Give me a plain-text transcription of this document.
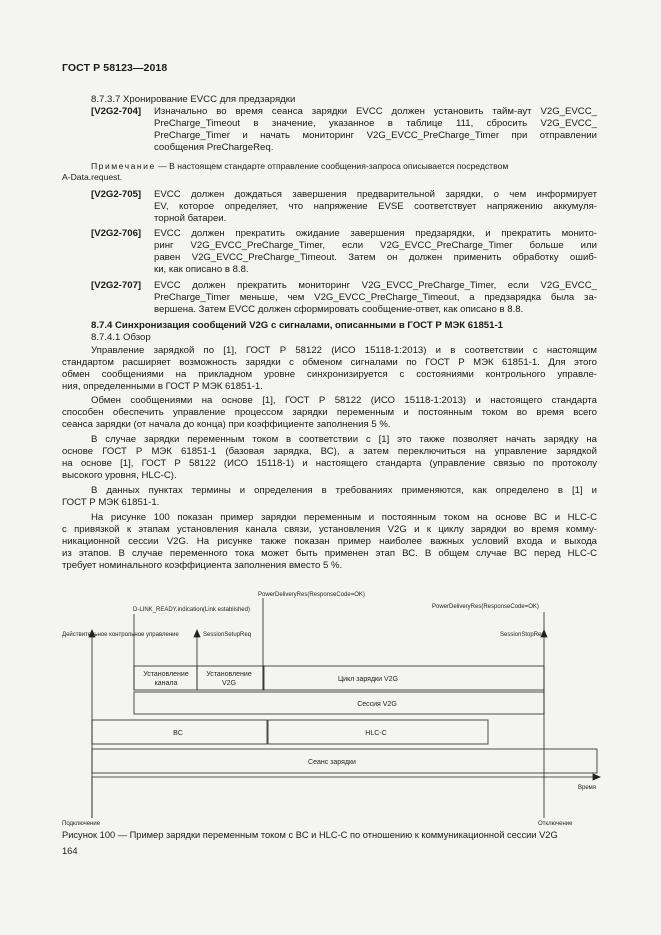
ГОСТ Р 58123—2018
8.7.3.7 Хронирование EVCC для предзарядки
[V2G2-704] Изначально во время сеанса зарядки EVCC должен установить тайм-аут V2G_EVCC_
PreCharge_Timeout в значение, указанное в таблице 111, сбросить V2G_EVCC_
PreCharge_Timer и начать мониторинг V2G_EVCC_PreCharge_Timer при отправлении
сообщения PreChargeReq.
Примечание — В настоящем стандарте отправление сообщения-запроса описывается посредством
A-Data.request.
[V2G2-705] EVCC должен дождаться завершения предварительной зарядки, о чем информирует
EV, которое определяет, что напряжение EVSE соответствует напряжению аккумуля-
торной батареи.
[V2G2-706] EVCC должен прекратить ожидание завершения предзарядки, и прекратить монито-
ринг V2G_EVCC_PreCharge_Timer, если V2G_EVCC_PreCharge_Timer больше или
равен V2G_EVCC_PreCharge_Timeout. Затем он должен применить обработку ошиб-
ки, как описано в 8.8.
[V2G2-707] EVCC должен прекратить мониторинг V2G_EVCC_PreCharge_Timer, если V2G_EVCC_
PreCharge_Timer меньше, чем V2G_EVCC_PreCharge_Timeout, а предзарядка была за-
вершена. Затем EVCC должен сформировать сообщение-ответ, как описано в 8.8.
8.7.4 Синхронизация сообщений V2G с сигналами, описанными в ГОСТ Р МЭК 61851-1
8.7.4.1 Обзор
Управление зарядкой по [1], ГОСТ Р 58122 (ИСО 15118-1:2013) и в соответствии с настоящим
стандартом расширяет возможность зарядки с обменом сигналами по ГОСТ Р МЭК 61851-1. Для этого
обмен сообщениями на прикладном уровне синхронизируется с состояниями контрольного управле-
ния, определенными в ГОСТ Р МЭК 61851-1.
Обмен сообщениями на основе [1], ГОСТ Р 58122 (ИСО 15118-1:2013) и настоящего стандарта
способен обеспечить управление процессом зарядки переменным и постоянным током во время всего
сеанса зарядки (от начала до конца) при коэффициенте заполнения 5 %.
В случае зарядки переменным током в соответствии с [1] это также позволяет начать зарядку на
основе ГОСТ Р МЭК 61851-1 (базовая зарядка, ВС), а затем переключиться на управление зарядкой
на основе [1], ГОСТ Р 58122 (ИСО 15118-1) и настоящего стандарта (управление связью по протоколу
высокого уровня, HLC-C).
В данных пунктах термины и определения в требованиях применяются, как определено в [1] и
ГОСТ Р МЭК 61851-1.
На рисунке 100 показан пример зарядки переменным и постоянным током на основе ВС и HLC-C
с привязкой к этапам установления канала связи, установления V2G и к циклу зарядки во время комму-
никационной сессии V2G. На рисунке также показан пример наиболее важных условий входа и выхода
из этапов. В случае переменного тока может быть применен этап ВС. В общем случае ВС перед HLC-C
требует номинального коэффициента заполнения вместо 5 %.
PowerDeliveryRes(ResponseCode=OK)
D-LINK_READY.indication(Link established)	PowerDeliveryRes(ResponseCode=OK)
Действительное контрольное управление	SessionSetupReq	SessionStopRes
Установление
канала
Установление
V2G
Цикл зарядки V2G
Сессия V2G
BC	HLC-C
Сеанс зарядки
Время
Подключение	Отключение
Рисунок 100 — Пример зарядки переменным током с BC и HLC-C по отношению к коммуникационной сессии V2G
164
